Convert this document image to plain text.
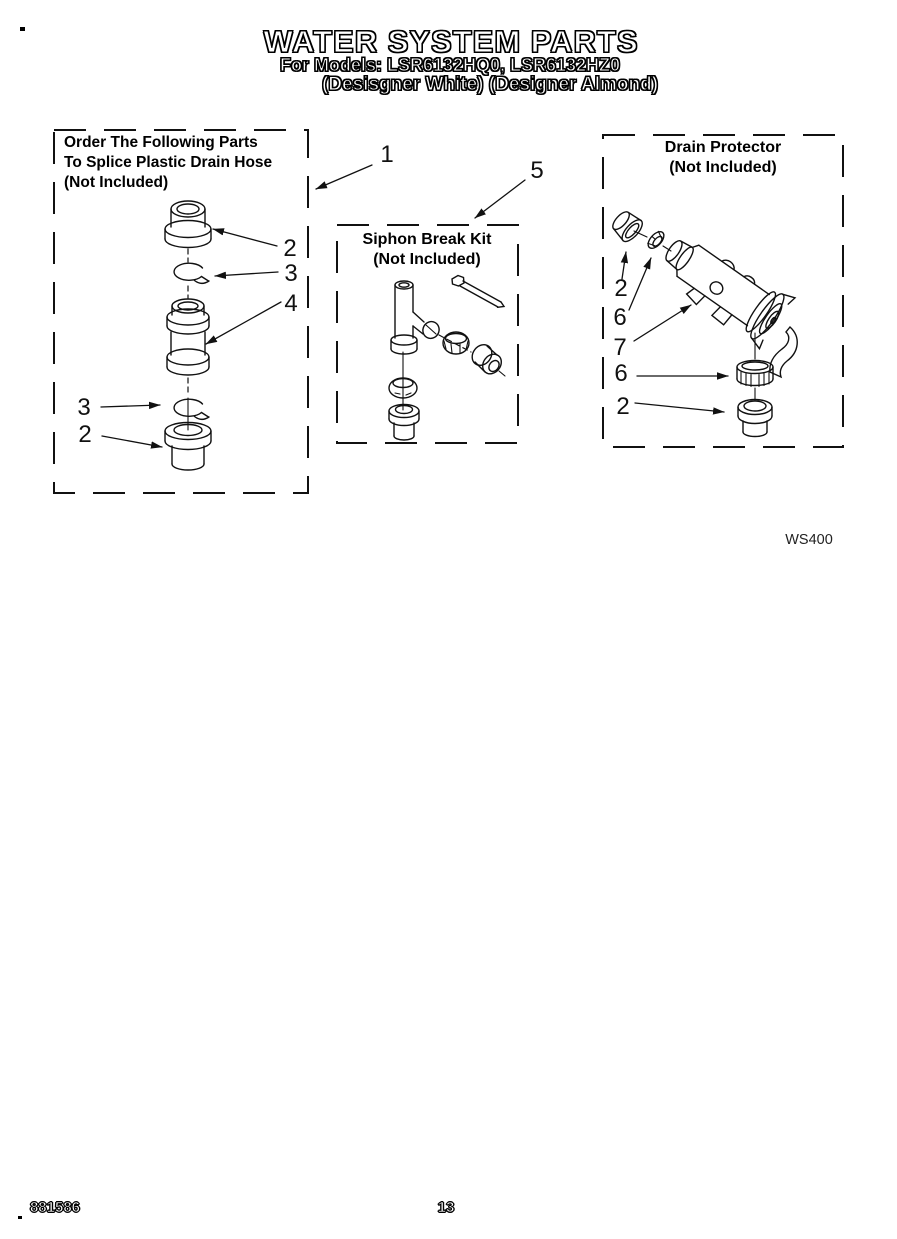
WATER SYSTEM PARTS
For Models: LSR6132HQ0, LSR6132HZ0
(Desisgner White) (Designer Almond)
Order The Following Parts
To Splice Plastic Drain Hose
(Not Included)
Siphon Break Kit
(Not Included)
Drain Protector
(Not Included)
1
5
2
3
4
3
2
2
6
7
6
2
WS400
881586	13
